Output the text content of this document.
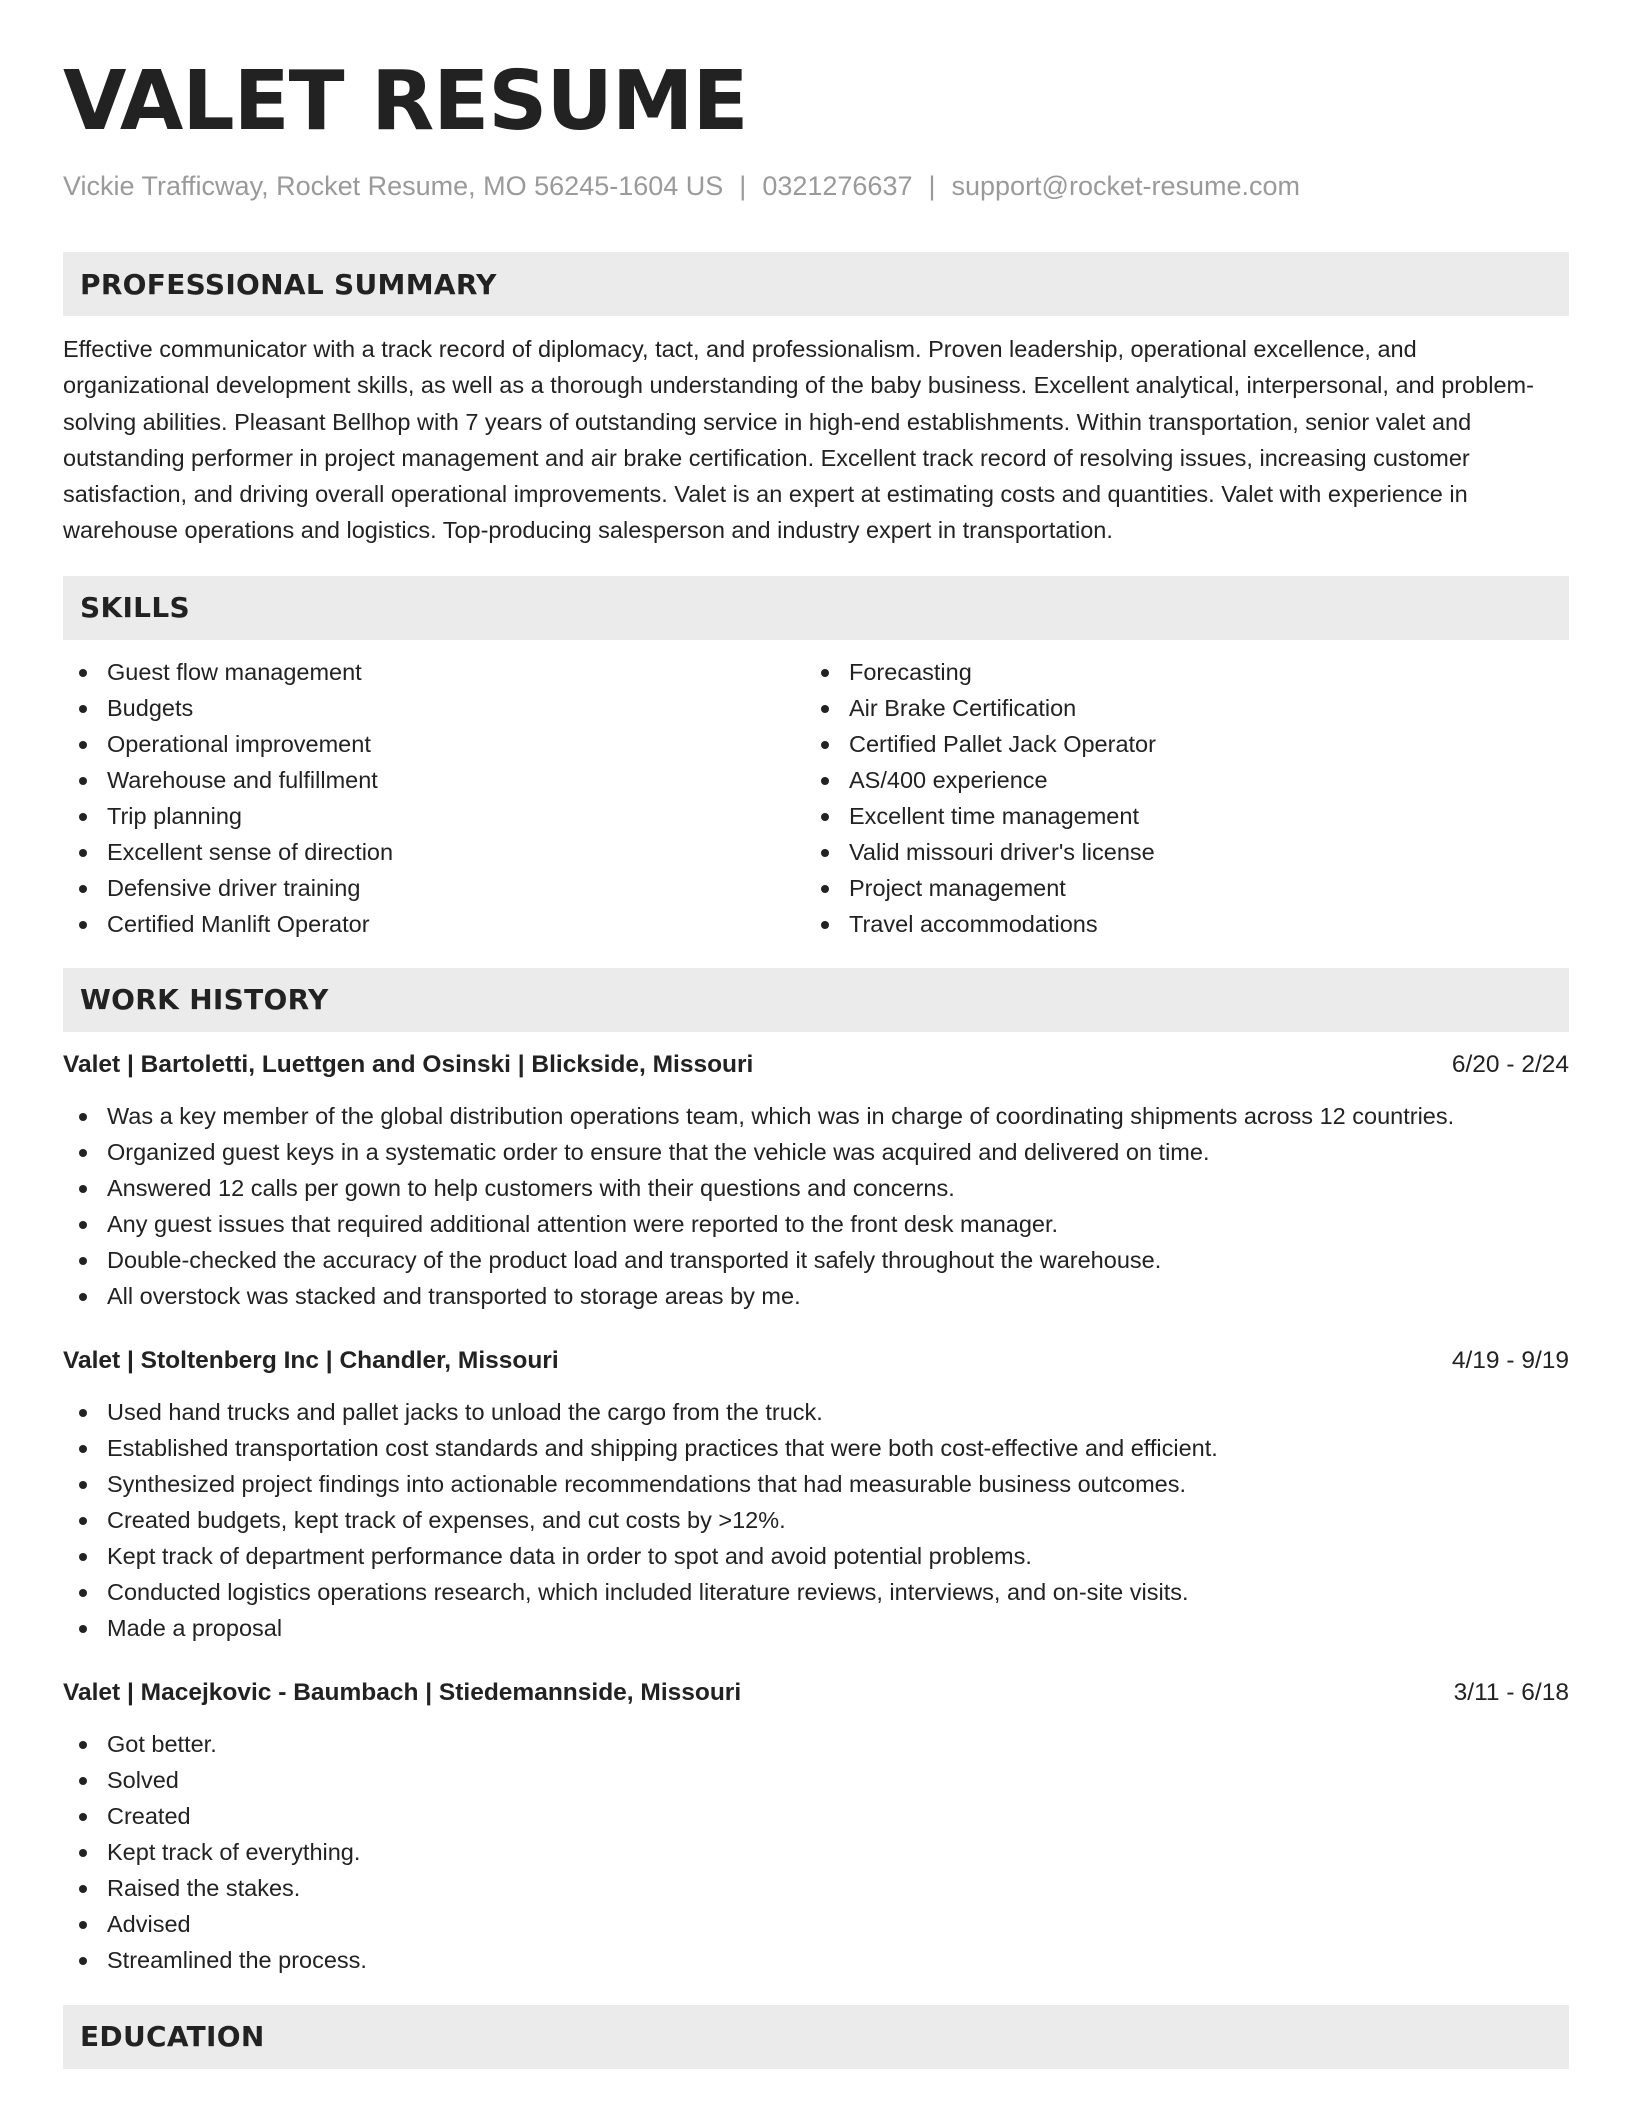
VALET RESUME
Vickie Trafficway, Rocket Resume, MO 56245-1604 US | 0321276637 | support@rocket-resume.com
PROFESSIONAL SUMMARY
Effective communicator with a track record of diplomacy, tact, and professionalism. Proven leadership, operational excellence, and organizational development skills, as well as a thorough understanding of the baby business. Excellent analytical, interpersonal, and problem-solving abilities. Pleasant Bellhop with 7 years of outstanding service in high-end establishments. Within transportation, senior valet and outstanding performer in project management and air brake certification. Excellent track record of resolving issues, increasing customer satisfaction, and driving overall operational improvements. Valet is an expert at estimating costs and quantities. Valet with experience in warehouse operations and logistics. Top-producing salesperson and industry expert in transportation.
SKILLS
Guest flow management
Budgets
Operational improvement
Warehouse and fulfillment
Trip planning
Excellent sense of direction
Defensive driver training
Certified Manlift Operator
Forecasting
Air Brake Certification
Certified Pallet Jack Operator
AS/400 experience
Excellent time management
Valid missouri driver's license
Project management
Travel accommodations
WORK HISTORY
Valet | Bartoletti, Luettgen and Osinski | Blickside, Missouri	6/20 - 2/24
Was a key member of the global distribution operations team, which was in charge of coordinating shipments across 12 countries.
Organized guest keys in a systematic order to ensure that the vehicle was acquired and delivered on time.
Answered 12 calls per gown to help customers with their questions and concerns.
Any guest issues that required additional attention were reported to the front desk manager.
Double-checked the accuracy of the product load and transported it safely throughout the warehouse.
All overstock was stacked and transported to storage areas by me.
Valet | Stoltenberg Inc | Chandler, Missouri	4/19 - 9/19
Used hand trucks and pallet jacks to unload the cargo from the truck.
Established transportation cost standards and shipping practices that were both cost-effective and efficient.
Synthesized project findings into actionable recommendations that had measurable business outcomes.
Created budgets, kept track of expenses, and cut costs by >12%.
Kept track of department performance data in order to spot and avoid potential problems.
Conducted logistics operations research, which included literature reviews, interviews, and on-site visits.
Made a proposal
Valet | Macejkovic - Baumbach | Stiedemannside, Missouri	3/11 - 6/18
Got better.
Solved
Created
Kept track of everything.
Raised the stakes.
Advised
Streamlined the process.
EDUCATION
